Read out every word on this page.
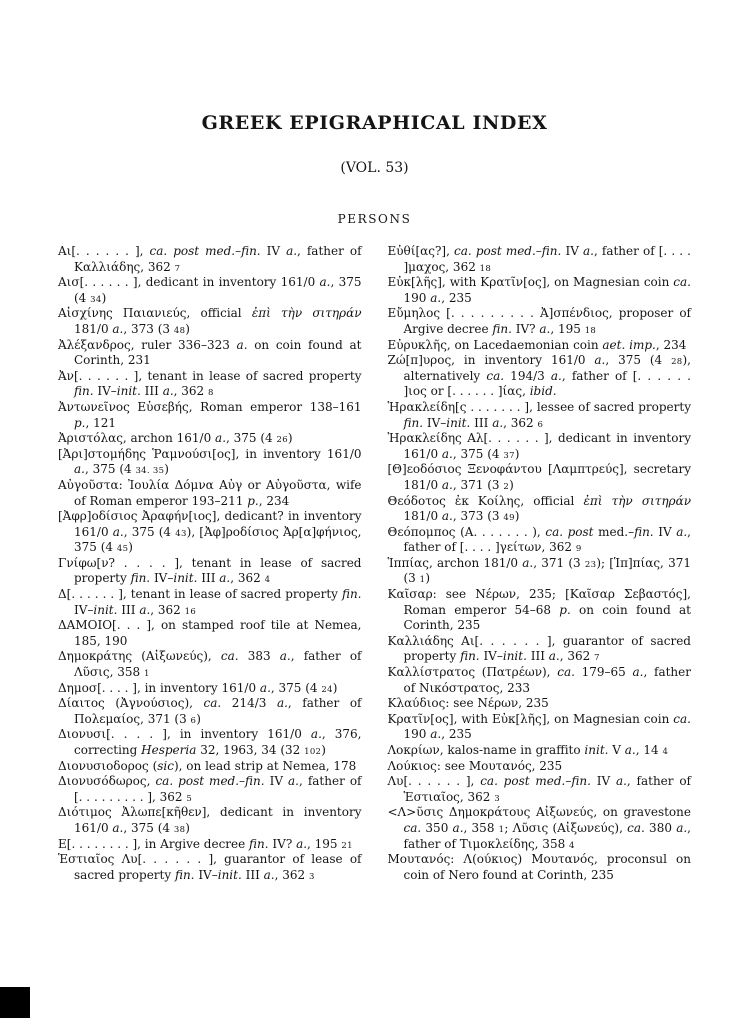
GREEK EPIGRAPHICAL INDEX
(VOL. 53)
PERSONS
Αι[. . . . . . ], ca. post med.–fin. IV a., father of Καλλιάδης, 362 7
Αισ[. . . . . . ], dedicant in inventory 161/0 a., 375 (4 34)
Αἰσχίνης Παιανιεύς, official ἐπὶ τὴν σιτηράν 181/0 a., 373 (3 48)
Ἀλέξανδρος, ruler 336–323 a. on coin found at Corinth, 231
Ἀν[. . . . . . ], tenant in lease of sacred property fin. IV–init. III a., 362 8
Ἀντωνεῖνος Εὐσεβής, Roman emperor 138–161 p., 121
Ἀριστόλας, archon 161/0 a., 375 (4 26)
[Ἀρι]στομήδης Ῥαμνούσι[ος], in inventory 161/0 a., 375 (4 34. 35)
Αὐγοῦστα: Ἰουλία Δόμνα Αὐγ or Αὐγοῦστα, wife of Roman emperor 193–211 p., 234
[Ἀφρ]οδίσιος Ἀραφήν[ιος], dedicant? in inventory 161/0 a., 375 (4 43), [Ἀφ]ροδίσιος Ἀρ[α]φήνιος, 375 (4 45)
Γνίφω[ν? . . . . ], tenant in lease of sacred property fin. IV–init. III a., 362 4
Δ[. . . . . . ], tenant in lease of sacred property fin. IV–init. III a., 362 16
ΔΑΜΟΙΟ[. . . ], on stamped roof tile at Nemea, 185, 190
Δημοκράτης (Αἰξωνεύς), ca. 383 a., father of Λῦσις, 358 1
Δημοσ[. . . . ], in inventory 161/0 a., 375 (4 24)
Δίαιτος (Ἀγνούσιος), ca. 214/3 a., father of Πολεμαίος, 371 (3 6)
Διονυσι[. . . . ], in inventory 161/0 a., 376, correcting Hesperia 32, 1963, 34 (32 102)
Διονυσιοδορος (sic), on lead strip at Nemea, 178
Διονυσόδωρος, ca. post med.–fin. IV a., father of [. . . . . . . . . ], 362 5
Διότιμος Ἀλωπε[κῆθεν], dedicant in inventory 161/0 a., 375 (4 38)
Ε[. . . . . . . . ], in Argive decree fin. IV? a., 195 21
Ἑστιαῖος Λυ[. . . . . . ], guarantor of lease of sacred property fin. IV–init. III a., 362 3
Εὐθί[ας?], ca. post med.–fin. IV a., father of [. . . . ]μαχος, 362 18
Εὐκ[λῆς], with Κρατῖν[ος], on Magnesian coin ca. 190 a., 235
Εὔμηλος [. . . . . . . . . Ἀ]σπένδιος, proposer of Argive decree fin. IV? a., 195 18
Εὐρυκλῆς, on Lacedaemonian coin aet. imp., 234
Ζώ[π]υρος, in inventory 161/0 a., 375 (4 28), alternatively ca. 194/3 a., father of [. . . . . . ]ιος or [. . . . . . ]ίας, ibid.
Ἡρακλείδη[ς . . . . . . . ], lessee of sacred property fin. IV–init. III a., 362 6
Ἡρακλείδης Αλ[. . . . . . ], dedicant in inventory 161/0 a., 375 (4 37)
[Θ]εοδόσιος Ξενοφάντου [Λαμπτρεύς], secretary 181/0 a., 371 (3 2)
Θεόδοτος ἐκ Κοίλης, official ἐπὶ τὴν σιτηράν 181/0 a., 373 (3 49)
Θεόπομπος (Α. . . . . . . ), ca. post med.–fin. IV a., father of [. . . . ]γείτων, 362 9
Ἱππίας, archon 181/0 a., 371 (3 23); [Ἱπ]πίας, 371 (3 1)
Καῖσαρ: see Νέρων, 235; [Καῖσαρ Σεβαστός], Roman emperor 54–68 p. on coin found at Corinth, 235
Καλλιάδης Αι[. . . . . . ], guarantor of sacred property fin. IV–init. III a., 362 7
Καλλίστρατος (Πατρέων), ca. 179–65 a., father of Νικόστρατος, 233
Κλαύδιος: see Νέρων, 235
Κρατῖν[ος], with Εὐκ[λῆς], on Magnesian coin ca. 190 a., 235
Λοκρίων, kalos-name in graffito init. V a., 14 4
Λούκιος: see Μουτανός, 235
Λυ[. . . . . . ], ca. post med.–fin. IV a., father of Ἑστιαῖος, 362 3
<Λ>ῦσις Δημοκράτους Αἰξωνεύς, on gravestone ca. 350 a., 358 1; Λῦσις (Αἰξωνεύς), ca. 380 a., father of Τιμοκλείδης, 358 4
Μουτανός: Λ(ούκιος) Μουτανός, proconsul on coin of Nero found at Corinth, 235
